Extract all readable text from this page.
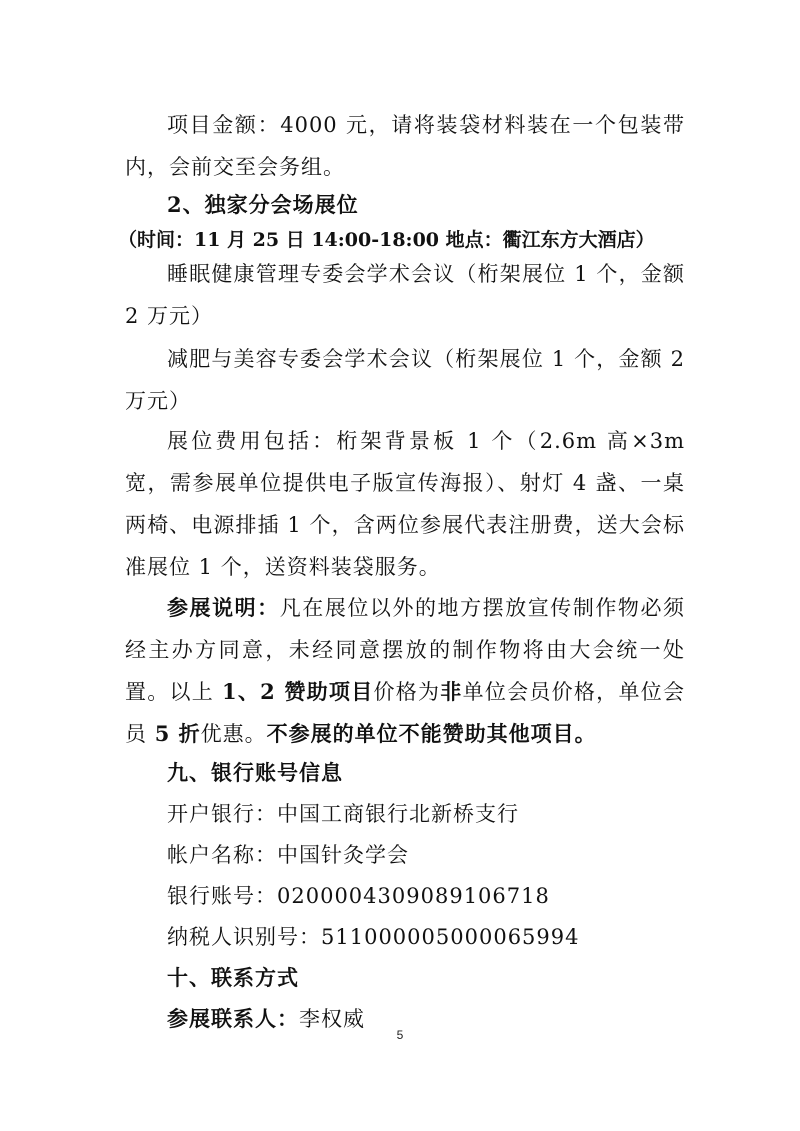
项目金额：4000 元，请将装袋材料装在一个包装带内，会前交至会务组。

2、独家分会场展位

（时间：11 月 25 日 14:00-18:00 地点：衢江东方大酒店）

睡眠健康管理专委会学术会议（桁架展位 1 个，金额 2 万元）

减肥与美容专委会学术会议（桁架展位 1 个，金额 2 万元）

展位费用包括：桁架背景板 1 个（2.6m 高×3m 宽，需参展单位提供电子版宣传海报）、射灯 4 盏、一桌两椅、电源排插 1 个，含两位参展代表注册费，送大会标准展位 1 个，送资料装袋服务。

参展说明：凡在展位以外的地方摆放宣传制作物必须经主办方同意，未经同意摆放的制作物将由大会统一处置。以上 1、2 赞助项目价格为非单位会员价格，单位会员 5 折优惠。不参展的单位不能赞助其他项目。

九、银行账号信息

开户银行：中国工商银行北新桥支行

帐户名称：中国针灸学会

银行账号：0200004309089106718

纳税人识别号：511000005000065994

十、联系方式

参展联系人：李权威

5
